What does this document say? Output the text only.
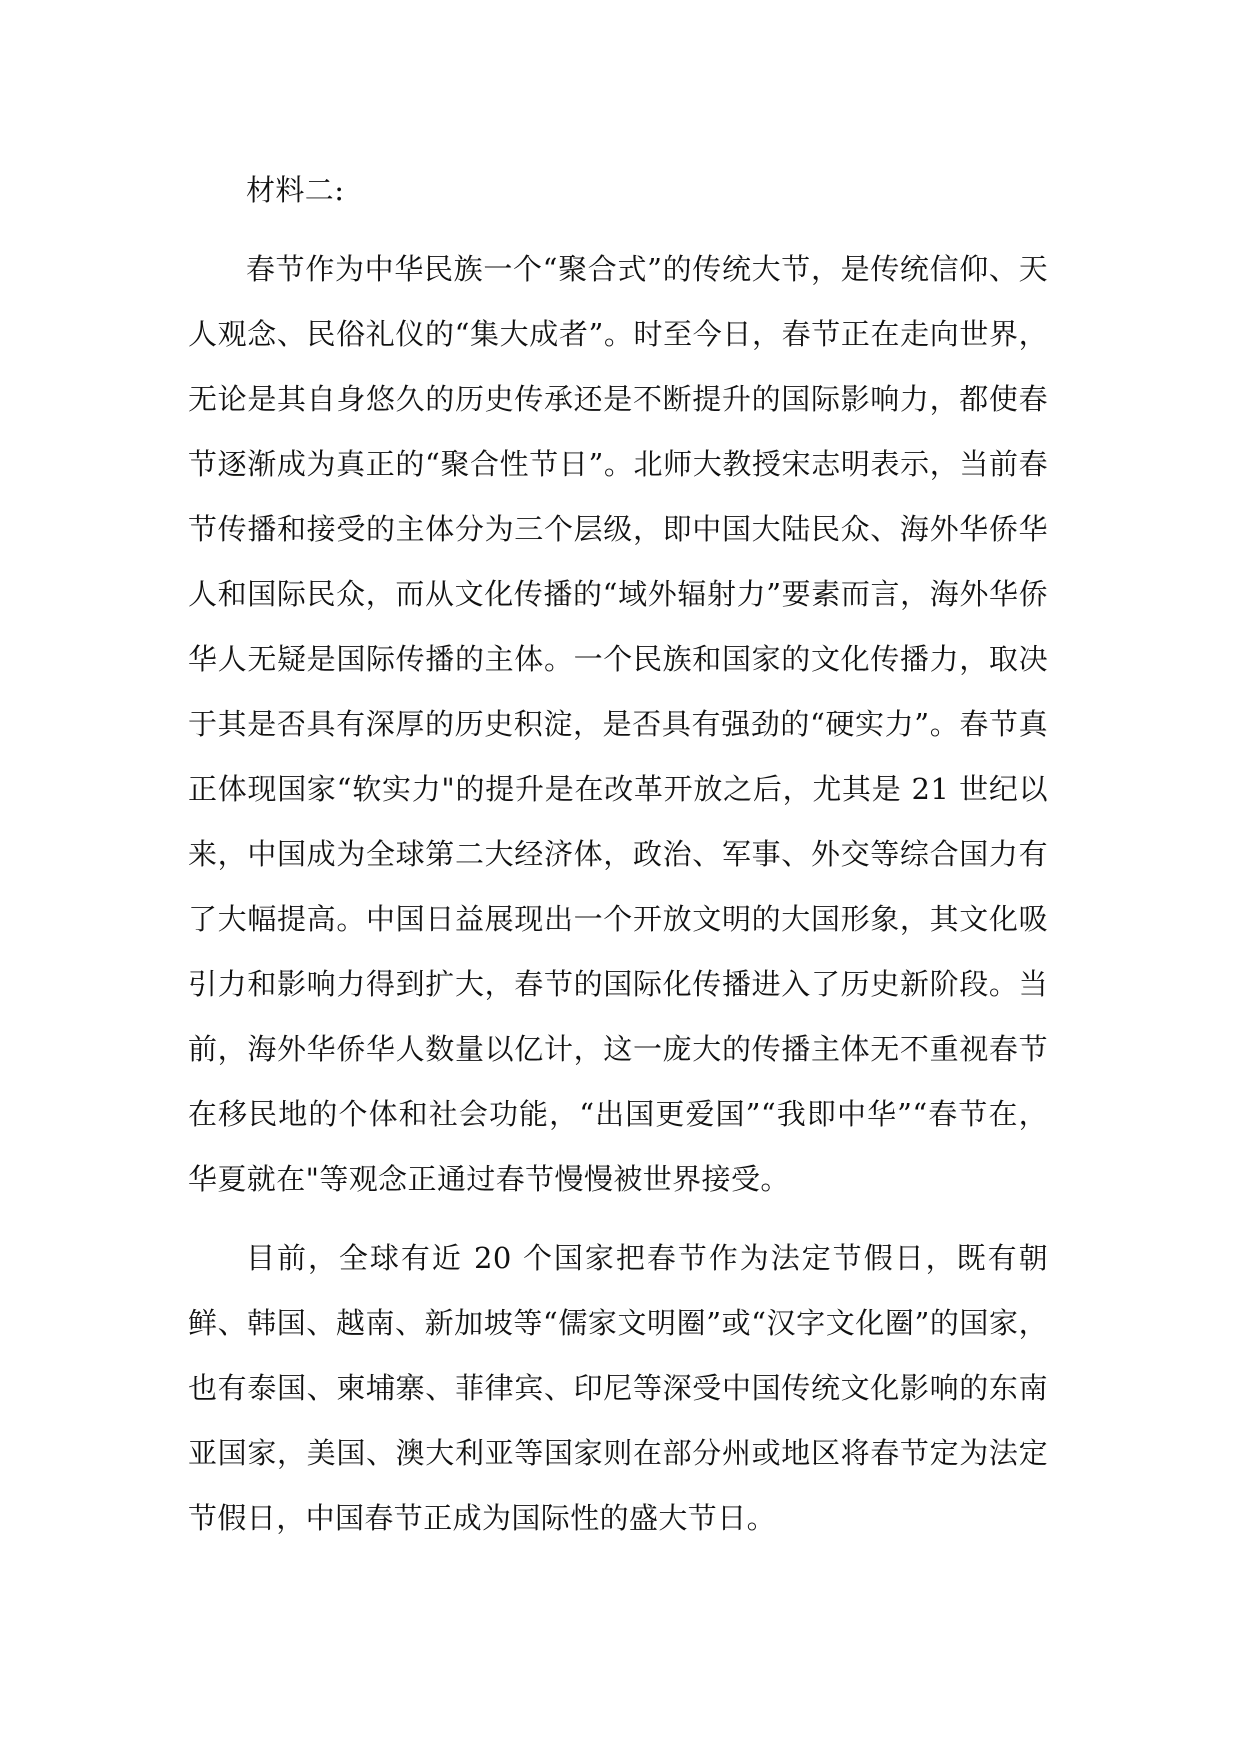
材料二:

春节作为中华民族一个“聚合式”的传统大节，是传统信仰、天人观念、民俗礼仪的“集大成者”。时至今日，春节正在走向世界，无论是其自身悠久的历史传承还是不断提升的国际影响力，都使春节逐渐成为真正的“聚合性节日”。北师大教授宋志明表示，当前春节传播和接受的主体分为三个层级，即中国大陆民众、海外华侨华人和国际民众，而从文化传播的“域外辐射力”要素而言，海外华侨华人无疑是国际传播的主体。一个民族和国家的文化传播力，取决于其是否具有深厚的历史积淀，是否具有强劲的“硬实力”。春节真正体现国家“软实力"的提升是在改革开放之后，尤其是 21 世纪以来，中国成为全球第二大经济体，政治、军事、外交等综合国力有了大幅提高。中国日益展现出一个开放文明的大国形象，其文化吸引力和影响力得到扩大，春节的国际化传播进入了历史新阶段。当前，海外华侨华人数量以亿计，这一庞大的传播主体无不重视春节在移民地的个体和社会功能，“出国更爱国”“我即中华”“春节在，华夏就在"等观念正通过春节慢慢被世界接受。

目前，全球有近 20 个国家把春节作为法定节假日，既有朝鲜、韩国、越南、新加坡等“儒家文明圈”或“汉字文化圈”的国家，也有泰国、柬埔寨、菲律宾、印尼等深受中国传统文化影响的东南亚国家，美国、澳大利亚等国家则在部分州或地区将春节定为法定节假日，中国春节正成为国际性的盛大节日。
